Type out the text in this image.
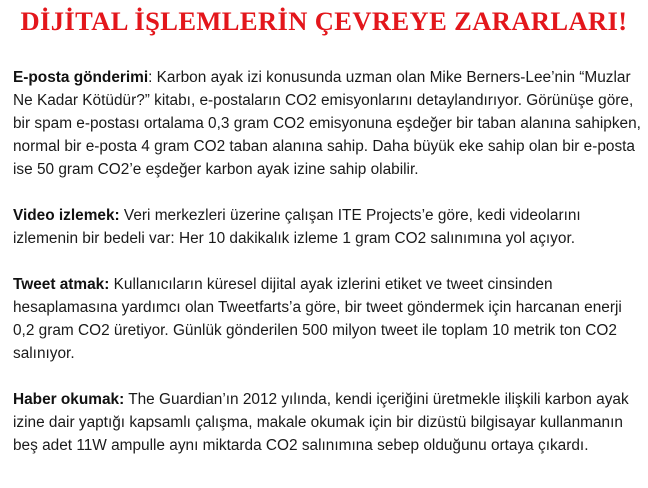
DİJİTAL İŞLEMLERİN ÇEVREYE ZARARLARI!

E-posta gönderimi: Karbon ayak izi konusunda uzman olan Mike Berners-Lee’nin “Muzlar Ne Kadar Kötüdür?” kitabı, e-postaların CO2 emisyonlarını detaylandırıyor. Görünüşe göre, bir spam e-postası ortalama 0,3 gram CO2 emisyonuna eşdeğer bir taban alanına sahipken, normal bir e-posta 4 gram CO2 taban alanına sahip. Daha büyük eke sahip olan bir e-posta ise 50 gram CO2’e eşdeğer karbon ayak izine sahip olabilir.

Video izlemek: Veri merkezleri üzerine çalışan ITE Projects’e göre, kedi videolarını izlemenin bir bedeli var: Her 10 dakikalık izleme 1 gram CO2 salınımına yol açıyor.

Tweet atmak: Kullanıcıların küresel dijital ayak izlerini etiket ve tweet cinsinden hesaplamasına yardımcı olan Tweetfarts’a göre, bir tweet göndermek için harcanan enerji 0,2 gram CO2 üretiyor. Günlük gönderilen 500 milyon tweet ile toplam 10 metrik ton CO2 salınıyor.

Haber okumak: The Guardian’ın 2012 yılında, kendi içeriğini üretmekle ilişkili karbon ayak izine dair yaptığı kapsamlı çalışma, makale okumak için bir dizüstü bilgisayar kullanmanın beş adet 11W ampulle aynı miktarda CO2 salınımına sebep olduğunu ortaya çıkardı.
